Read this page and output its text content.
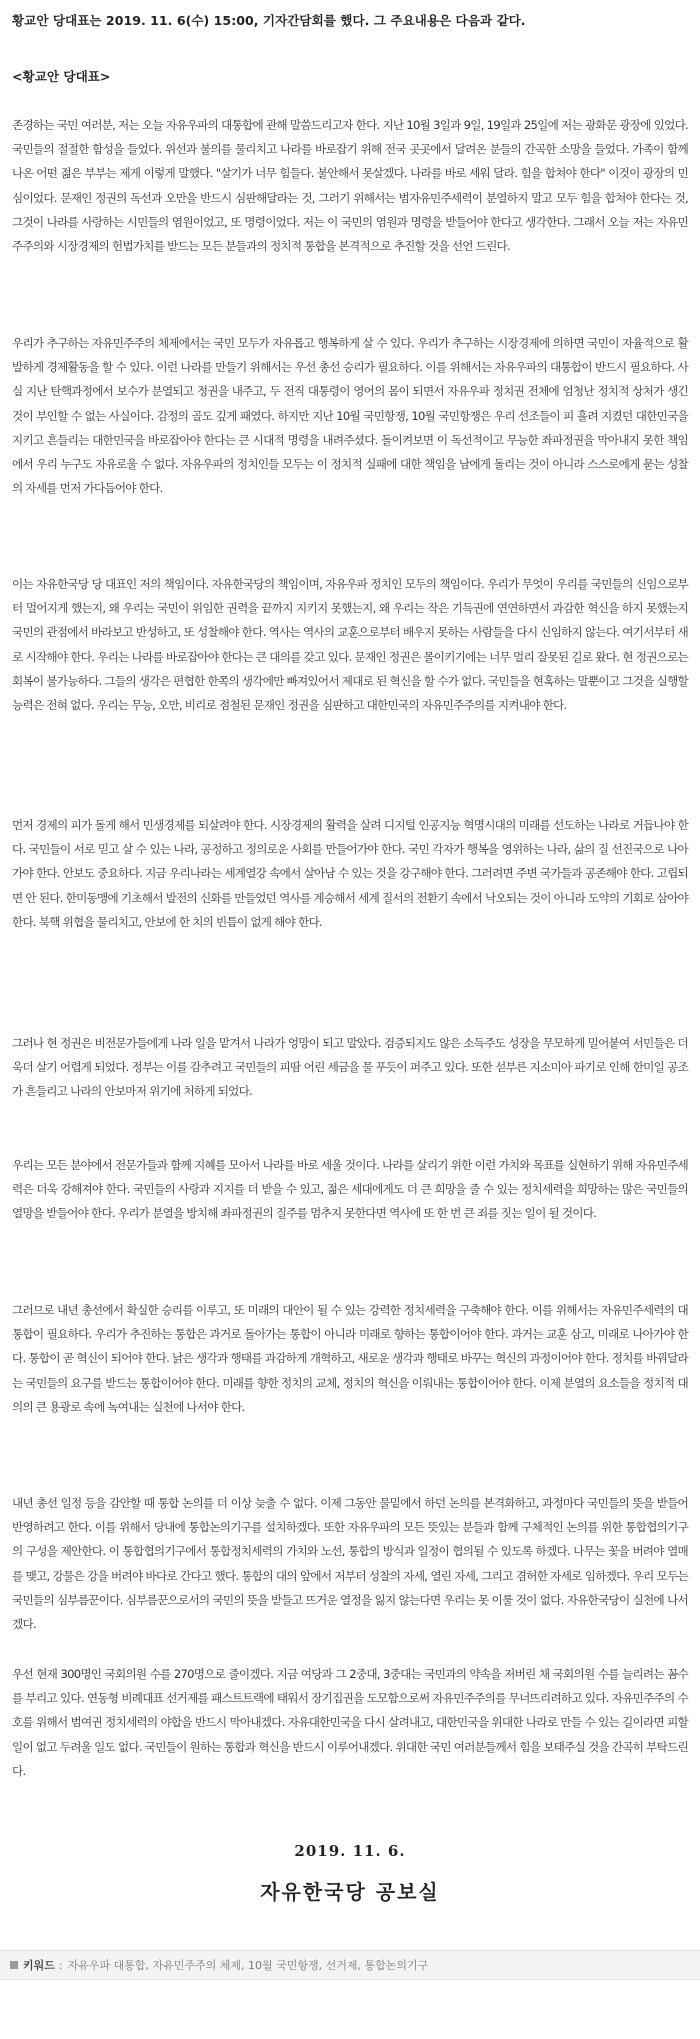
황교안 당대표는 2019. 11. 6(수) 15:00, 기자간담회를 했다. 그 주요내용은 다음과 같다.
<황교안 당대표>

존경하는 국민 여러분, 저는 오늘 자유우파의 대통합에 관해 말씀드리고자 한다. 지난 10월 3일과 9일, 19일과 25일에 저는 광화문 광장에 있었다. 국민들의 절절한 함성을 들었다. 위선과 불의를 물리치고 나라를 바로잡기 위해 전국 곳곳에서 달려온 분들의 간곡한 소망을 들었다. 가족이 함께 나온 어떤 젊은 부부는 제게 이렇게 말했다. "살기가 너무 힘들다. 불안해서 못살겠다. 나라를 바로 세워 달라. 힘을 합쳐야 한다" 이것이 광장의 민심이었다. 문재인 정권의 독선과 오만을 반드시 심판해달라는 것, 그러기 위해서는 범자유민주세력이 분열하지 말고 모두 힘을 합쳐야 한다는 것, 그것이 나라를 사랑하는 시민들의 염원이었고, 또 명령이었다. 저는 이 국민의 염원과 명령을 받들어야 한다고 생각한다. 그래서 오늘 저는 자유민주주의와 시장경제의 헌법가치를 받드는 모든 분들과의 정치적 통합을 본격적으로 추진할 것을 선언 드린다.

우리가 추구하는 자유민주주의 체제에서는 국민 모두가 자유롭고 행복하게 살 수 있다. 우리가 추구하는 시장경제에 의하면 국민이 자율적으로 활발하게 경제활동을 할 수 있다. 이런 나라를 만들기 위해서는 우선 총선 승리가 필요하다. 이를 위해서는 자유우파의 대통합이 반드시 필요하다. 사실 지난 탄핵과정에서 보수가 분열되고 정권을 내주고, 두 전직 대통령이 영어의 몸이 되면서 자유우파 정치권 전체에 엄청난 정치적 상처가 생긴 것이 부인할 수 없는 사실이다. 감정의 골도 깊게 패였다. 하지만 지난 10월 국민항쟁, 10월 국민항쟁은 우리 선조들이 피 흘려 지켰던 대한민국을 지키고 흔들리는 대한민국을 바로잡아야 한다는 큰 시대적 명령을 내려주셨다. 돌이켜보면 이 독선적이고 무능한 좌파정권을 막아내지 못한 책임에서 우리 누구도 자유로울 수 없다. 자유우파의 정치인들 모두는 이 정치적 실패에 대한 책임을 남에게 돌리는 것이 아니라 스스로에게 묻는 성찰의 자세를 먼저 가다듬어야 한다.

이는 자유한국당 당 대표인 저의 책임이다. 자유한국당의 책임이며, 자유우파 정치인 모두의 책임이다. 우리가 무엇이 우리를 국민들의 신임으로부터 멀어지게 했는지, 왜 우리는 국민이 위임한 권력을 끝까지 지키지 못했는지, 왜 우리는 작은 기득권에 연연하면서 과감한 혁신을 하지 못했는지 국민의 관점에서 바라보고 반성하고, 또 성찰해야 한다. 역사는 역사의 교훈으로부터 배우지 못하는 사람들을 다시 신임하지 않는다. 여기서부터 새로 시작해야 한다. 우리는 나라를 바로잡아야 한다는 큰 대의를 갖고 있다. 문재인 정권은 몰이키기에는 너무 멀리 잘못된 길로 왔다. 현 정권으로는 회복이 불가능하다. 그들의 생각은 편협한 한쪽의 생각에만 빠져있어서 제대로 된 혁신을 할 수가 없다. 국민들을 현혹하는 말뿐이고 그것을 실행할 능력은 전혀 없다. 우리는 무능, 오만, 비리로 점철된 문재인 정권을 심판하고 대한민국의 자유민주주의를 지켜내야 한다.

먼저 경제의 피가 돌게 해서 민생경제를 되살려야 한다. 시장경제의 활력을 살려 디지털 인공지능 혁명시대의 미래를 선도하는 나라로 거듭나야 한다. 국민들이 서로 믿고 살 수 있는 나라, 공정하고 정의로운 사회를 만들어가야 한다. 국민 각자가 행복을 영위하는 나라, 삶의 질 선진국으로 나아가야 한다. 안보도 중요하다. 지금 우리나라는 세계열강 속에서 살아남 수 있는 것을 강구해야 한다. 그러려면 주변 국가들과 공존해야 한다. 고립되면 안 된다. 한미동맹에 기초해서 발전의 신화를 만들었던 역사를 계승해서 세계 질서의 전환기 속에서 낙오되는 것이 아니라 도약의 기회로 삼아야 한다. 북핵 위협을 물리치고, 안보에 한 치의 빈틈이 없게 해야 한다.

그러나 현 정권은 비전문가들에게 나라 일을 맡겨서 나라가 엉망이 되고 말았다. 검증되지도 않은 소득주도 성장을 무모하게 밀어붙여 서민들은 더욱더 살기 어렵게 되었다. 정부는 이를 감추려고 국민들의 피땀 어린 세금을 물 푸듯이 퍼주고 있다. 또한 섣부른 지소미아 파기로 인해 한미일 공조가 흔들리고 나라의 안보마저 위기에 처하게 되었다.

우리는 모든 분야에서 전문가들과 함께 지혜를 모아서 나라를 바로 세울 것이다. 나라를 살리기 위한 이런 가치와 목표를 실현하기 위해 자유민주세력은 더욱 강해져야 한다. 국민들의 사랑과 지지를 더 받을 수 있고, 젊은 세대에게도 더 큰 희망을 줄 수 있는 정치세력을 희망하는 많은 국민들의 열망을 받들어야 한다. 우리가 분열을 방치해 좌파정권의 질주를 멈추지 못한다면 역사에 또 한 번 큰 죄를 짓는 일이 될 것이다.

그러므로 내년 총선에서 확실한 승리를 이루고, 또 미래의 대안이 될 수 있는 강력한 정치세력을 구축해야 한다. 이를 위해서는 자유민주세력의 대통합이 필요하다. 우리가 추진하는 통합은 과거로 돌아가는 통합이 아니라 미래로 향하는 통합이어야 한다. 과거는 교훈 삼고, 미래로 나아가야 한다. 통합이 곧 혁신이 되어야 한다. 낡은 생각과 행태를 과감하게 개혁하고, 새로운 생각과 행태로 바꾸는 혁신의 과정이어야 한다. 정치를 바꿔달라는 국민들의 요구를 받드는 통합이어야 한다. 미래를 향한 정치의 교체, 정치의 혁신을 이뤄내는 통합이어야 한다. 이제 분열의 요소들을 정치적 대의의 큰 용광로 속에 녹여내는 실천에 나서야 한다.

내년 총선 일정 등을 감안할 때 통합 논의를 더 이상 늦출 수 없다. 이제 그동안 물밑에서 하던 논의를 본격화하고, 과정마다 국민들의 뜻을 받들어 반영하려고 한다. 이를 위해서 당내에 통합논의기구를 설치하겠다. 또한 자유우파의 모든 뜻있는 분들과 함께 구체적인 논의를 위한 통합협의기구의 구성을 제안한다. 이 통합협의기구에서 통합정치세력의 가치와 노선, 통합의 방식과 일정이 협의될 수 있도록 하겠다. 나무는 꽃을 버려야 열매를 맺고, 강물은 강을 버려야 바다로 간다고 했다. 통합의 대의 앞에서 저부터 성찰의 자세, 열린 자세, 그리고 겸허한 자세로 임하겠다. 우리 모두는 국민들의 심부름꾼이다. 심부름꾼으로서의 국민의 뜻을 받들고 뜨거운 열정을 잃지 않는다면 우리는 못 이룰 것이 없다. 자유한국당이 실천에 나서겠다.

우선 현재 300명인 국회의원 수를 270명으로 줄이겠다. 지금 여당과 그 2중대, 3중대는 국민과의 약속을 저버린 채 국회의원 수를 늘리려는 꼼수를 부리고 있다. 연동형 비례대표 선거제를 패스트트랙에 태워서 장기집권을 도모함으로써 자유민주주의를 무너뜨리려하고 있다. 자유민주주의 수호를 위해서 범여권 정치세력의 야합을 반드시 막아내겠다. 자유대한민국을 다시 살려내고, 대한민국을 위대한 나라로 만들 수 있는 길이라면 피할 일이 없고 두려울 일도 없다. 국민들이 원하는 통합과 혁신을 반드시 이루어내겠다. 위대한 국민 여러분들께서 힘을 보태주실 것을 간곡히 부탁드린다.

2019. 11. 6.
자유한국당 공보실
키워드 : 자유우파 대통합, 자유민주주의 체제, 10월 국민항쟁, 선거제, 통합논의기구
